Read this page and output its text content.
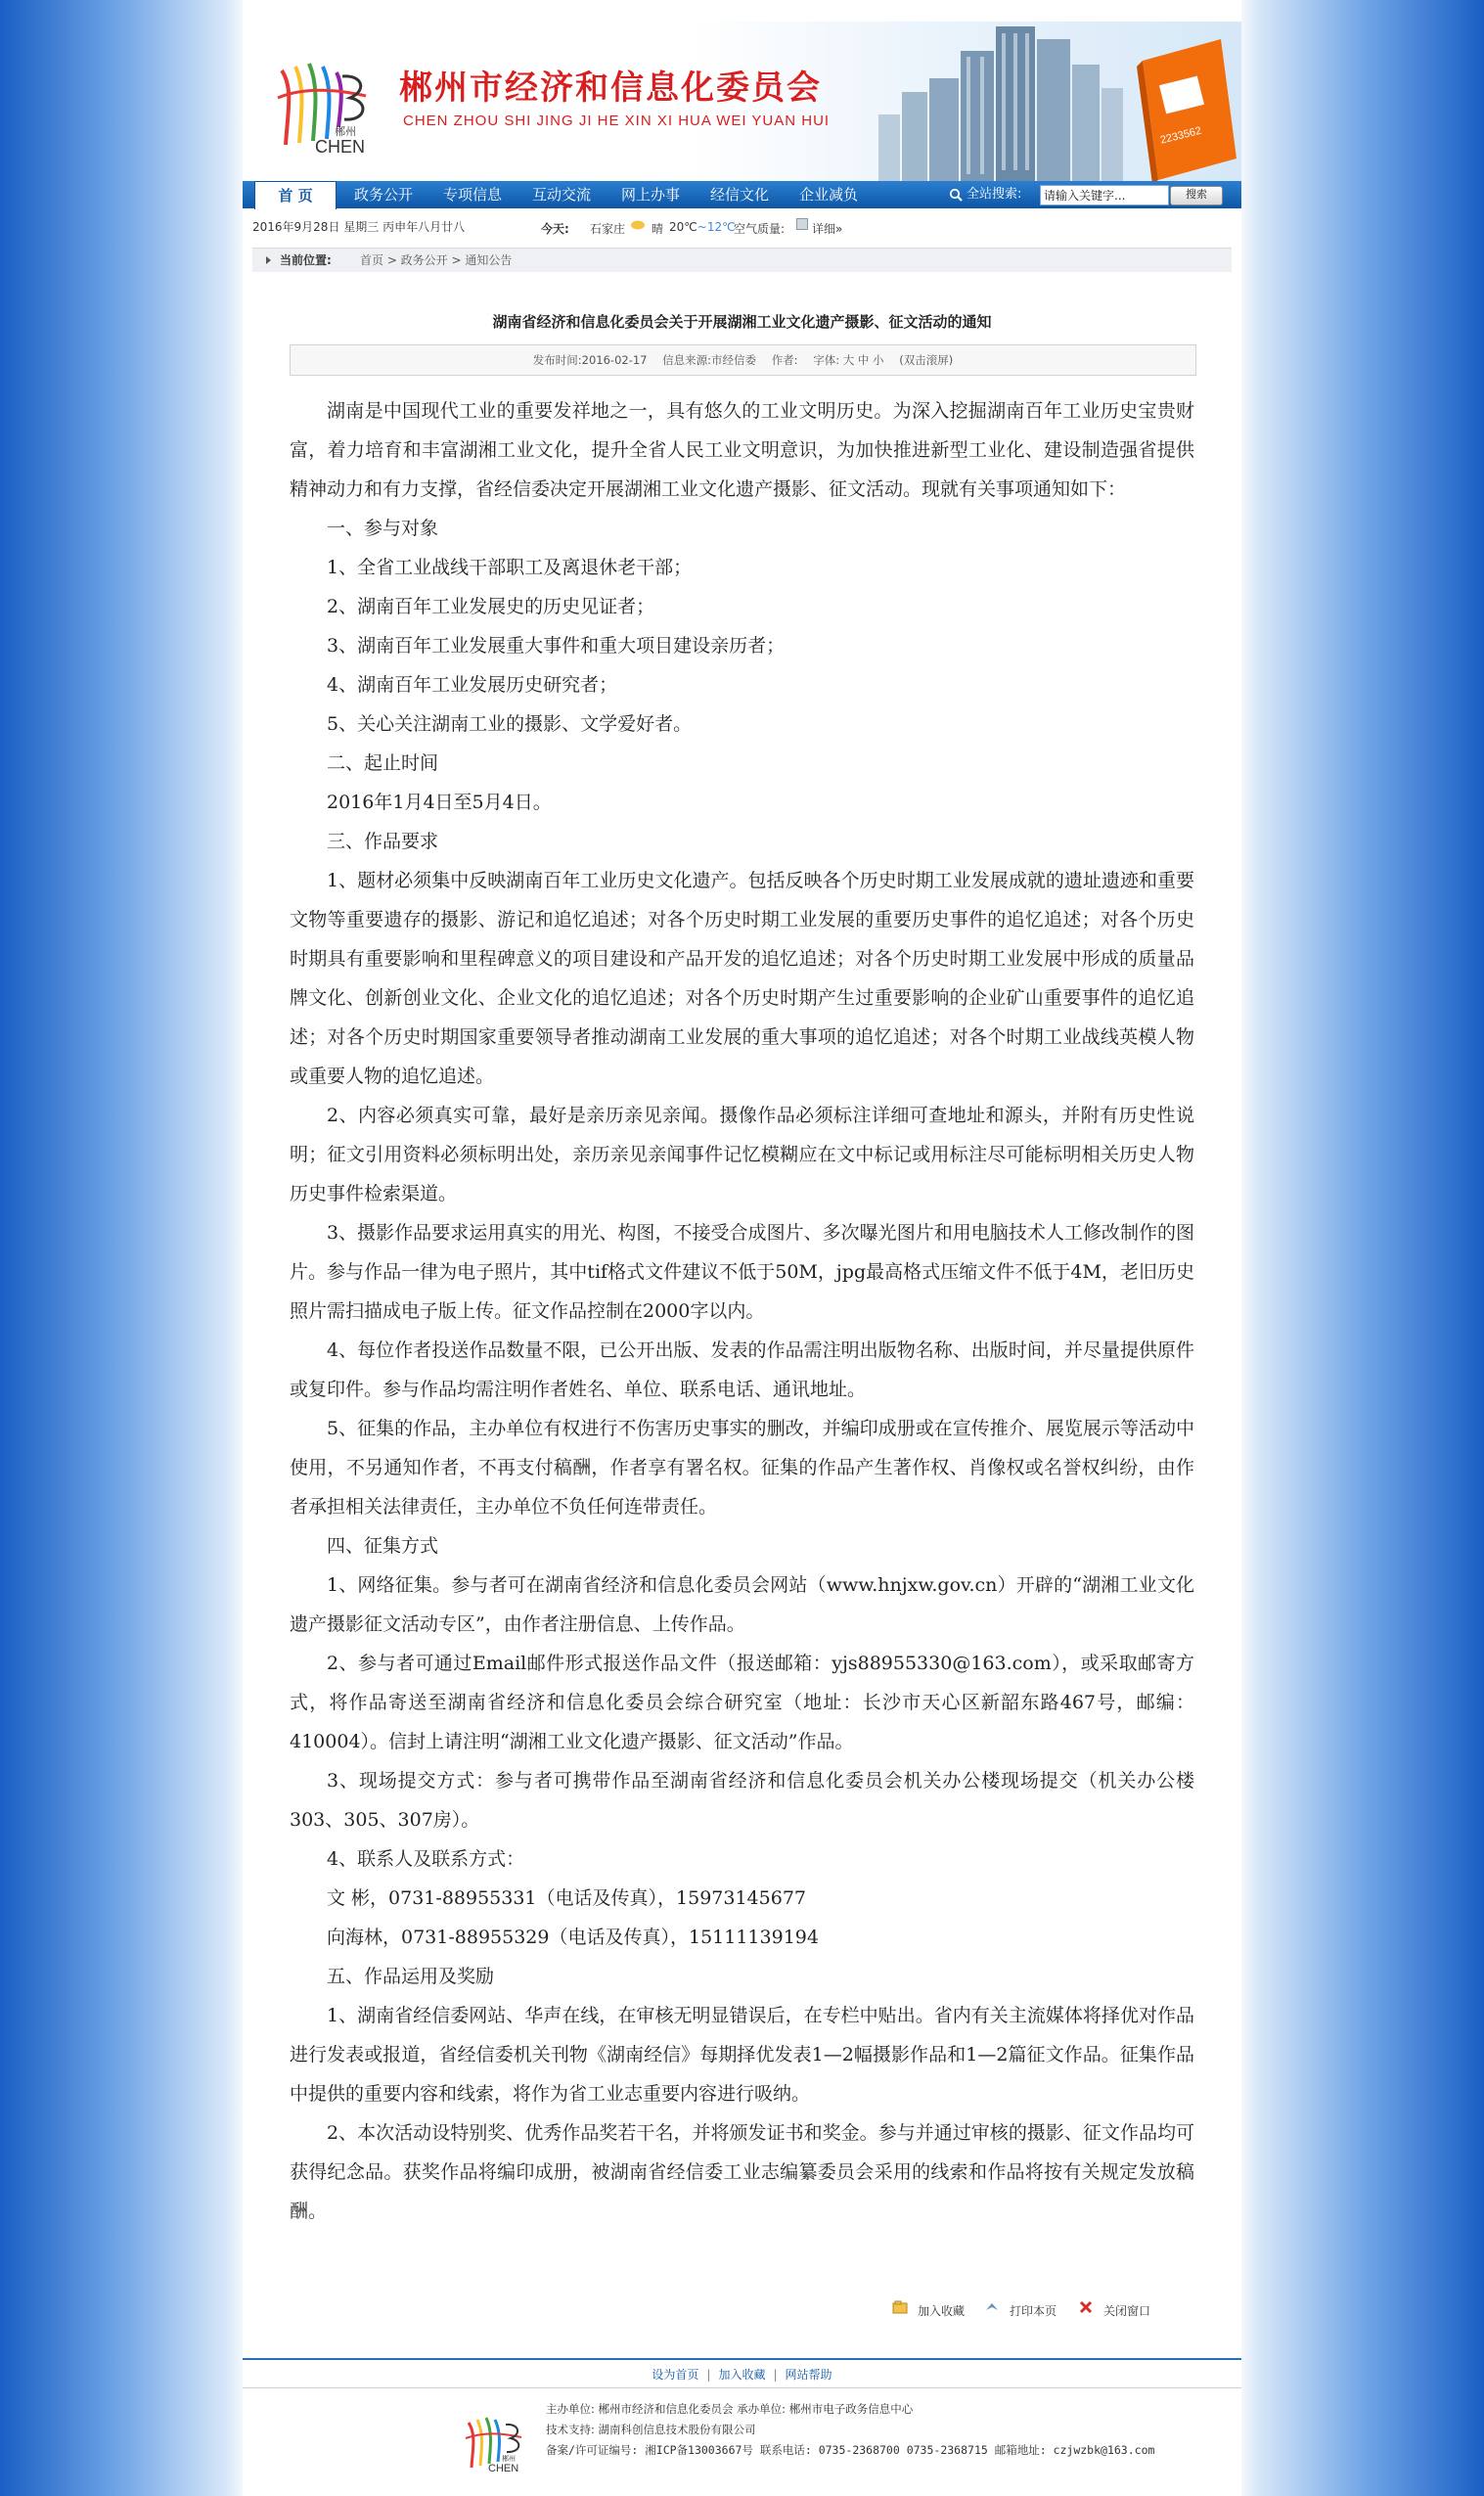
郴州
CHEN
郴州市经济和信息化委员会
CHEN ZHOU SHI JING JI HE XIN XI HUA WEI YUAN HUI
2233562
首 页	政务公开 专项信息 互动交流 网上办事 经信文化 企业减负	全站搜索:
请输入关键字...	搜索
2016年9月28日 星期三 丙申年八月廿八	今天: 石家庄 晴 20℃~12℃
空气质量: 详细»
当前位置: 首页 > 政务公开 > 通知公告
湖南省经济和信息化委员会关于开展湖湘工业文化遗产摄影、征文活动的通知
发布时间:2016-02-17 信息来源:市经信委 作者: 字体: 大 中 小 (双击滚屏)

湖南是中国现代工业的重要发祥地之一，具有悠久的工业文明历史。为深入挖掘湖南百年工业历史宝贵财富，着力培育和丰富湖湘工业文化，提升全省人民工业文明意识，为加快推进新型工业化、建设制造强省提供精神动力和有力支撑，省经信委决定开展湖湘工业文化遗产摄影、征文活动。现就有关事项通知如下：

一、参与对象

1、全省工业战线干部职工及离退休老干部；

2、湖南百年工业发展史的历史见证者；

3、湖南百年工业发展重大事件和重大项目建设亲历者；

4、湖南百年工业发展历史研究者；

5、关心关注湖南工业的摄影、文学爱好者。

二、起止时间

2016年1月4日至5月4日。

三、作品要求

1、题材必须集中反映湖南百年工业历史文化遗产。包括反映各个历史时期工业发展成就的遗址遗迹和重要文物等重要遗存的摄影、游记和追忆追述；对各个历史时期工业发展的重要历史事件的追忆追述；对各个历史时期具有重要影响和里程碑意义的项目建设和产品开发的追忆追述；对各个历史时期工业发展中形成的质量品牌文化、创新创业文化、企业文化的追忆追述；对各个历史时期产生过重要影响的企业矿山重要事件的追忆追述；对各个历史时期国家重要领导者推动湖南工业发展的重大事项的追忆追述；对各个时期工业战线英模人物或重要人物的追忆追述。

2、内容必须真实可靠，最好是亲历亲见亲闻。摄像作品必须标注详细可查地址和源头，并附有历史性说明；征文引用资料必须标明出处，亲历亲见亲闻事件记忆模糊应在文中标记或用标注尽可能标明相关历史人物历史事件检索渠道。

3、摄影作品要求运用真实的用光、构图，不接受合成图片、多次曝光图片和用电脑技术人工修改制作的图片。参与作品一律为电子照片，其中tif格式文件建议不低于50M，jpg最高格式压缩文件不低于4M，老旧历史照片需扫描成电子版上传。征文作品控制在2000字以内。

4、每位作者投送作品数量不限，已公开出版、发表的作品需注明出版物名称、出版时间，并尽量提供原件或复印件。参与作品均需注明作者姓名、单位、联系电话、通讯地址。

5、征集的作品，主办单位有权进行不伤害历史事实的删改，并编印成册或在宣传推介、展览展示等活动中使用，不另通知作者，不再支付稿酬，作者享有署名权。征集的作品产生著作权、肖像权或名誉权纠纷，由作者承担相关法律责任，主办单位不负任何连带责任。

四、征集方式

1、网络征集。参与者可在湖南省经济和信息化委员会网站（www.hnjxw.gov.cn）开辟的“湖湘工业文化遗产摄影征文活动专区”，由作者注册信息、上传作品。

2、参与者可通过Email邮件形式报送作品文件（报送邮箱：yjs88955330@163.com），或采取邮寄方式，将作品寄送至湖南省经济和信息化委员会综合研究室（地址：长沙市天心区新韶东路467号，邮编：410004）。信封上请注明“湖湘工业文化遗产摄影、征文活动”作品。

3、现场提交方式：参与者可携带作品至湖南省经济和信息化委员会机关办公楼现场提交（机关办公楼303、305、307房）。

4、联系人及联系方式：

文 彬，0731-88955331（电话及传真），15973145677

向海林，0731-88955329（电话及传真），15111139194

五、作品运用及奖励

1、湖南省经信委网站、华声在线，在审核无明显错误后，在专栏中贴出。省内有关主流媒体将择优对作品进行发表或报道，省经信委机关刊物《湖南经信》每期择优发表1—2幅摄影作品和1—2篇征文作品。征集作品中提供的重要内容和线索，将作为省工业志重要内容进行吸纳。

2、本次活动设特别奖、优秀作品奖若干名，并将颁发证书和奖金。参与并通过审核的摄影、征文作品均可获得纪念品。获奖作品将编印成册，被湖南省经信委工业志编纂委员会采用的线索和作品将按有关规定发放稿酬。

加入收藏	打印本页	关闭窗口
设为首页 | 加入收藏 | 网站帮助
郴州
CHEN
主办单位: 郴州市经济和信息化委员会 承办单位: 郴州市电子政务信息中心
技术支持: 湖南科创信息技术股份有限公司
备案/许可证编号: 湘ICP备13003667号 联系电话: 0735-2368700 0735-2368715 邮箱地址: czjwzbk@163.com
